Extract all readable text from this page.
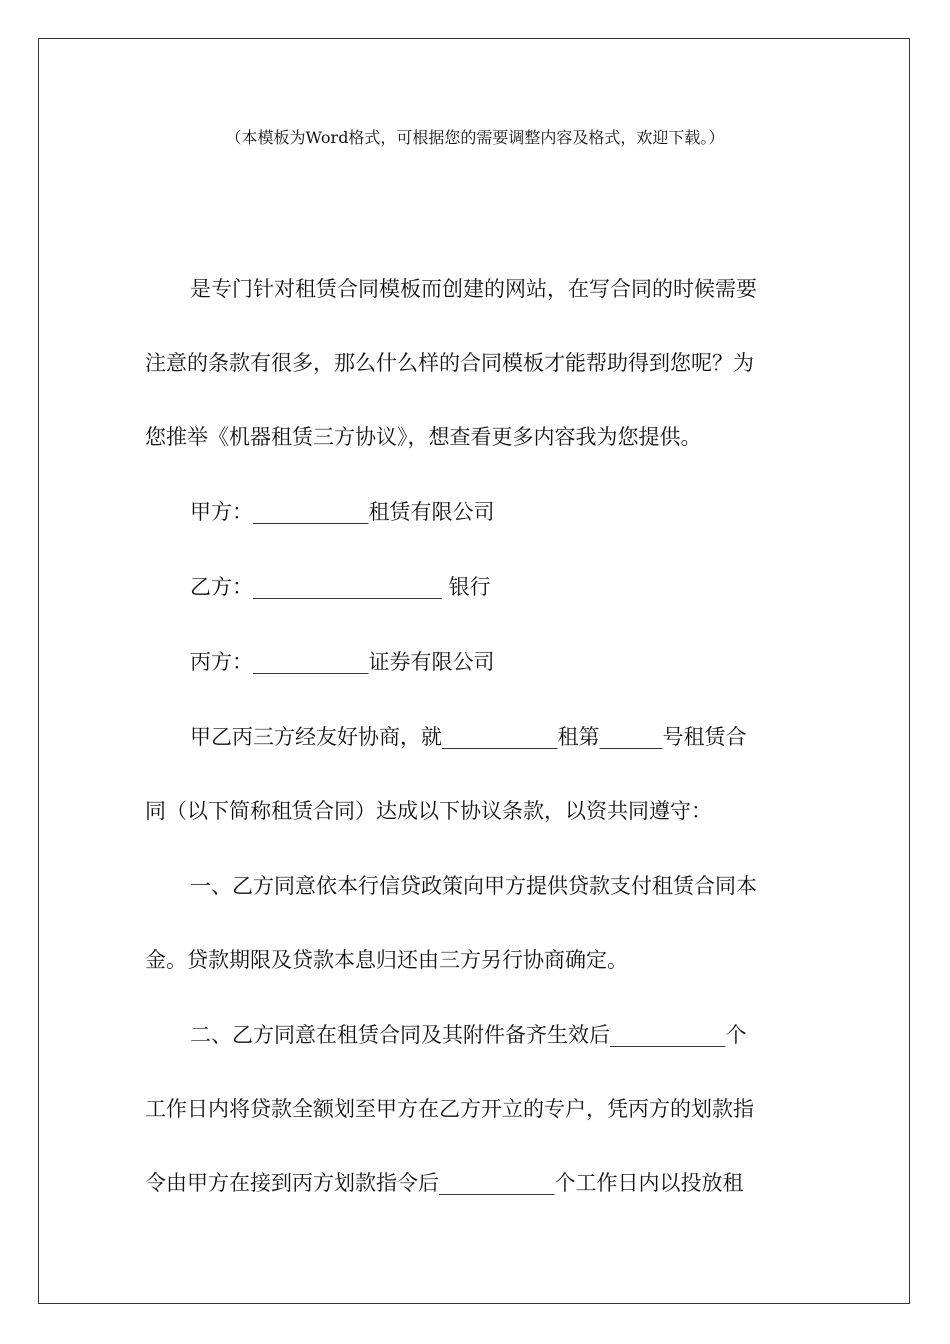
（本模板为Word格式，可根据您的需要调整内容及格式，欢迎下载。）
是专门针对租赁合同模板而创建的网站，在写合同的时候需要
注意的条款有很多，那么什么样的合同模板才能帮助得到您呢？为
您推举《机器租赁三方协议》，想查看更多内容我为您提供。
甲方：___________租赁有限公司
乙方：__________________ 银行
丙方：___________证券有限公司
甲乙丙三方经友好协商，就___________租第______号租赁合
同（以下简称租赁合同）达成以下协议条款，以资共同遵守：
一、乙方同意依本行信贷政策向甲方提供贷款支付租赁合同本
金。贷款期限及贷款本息归还由三方另行协商确定。
二、乙方同意在租赁合同及其附件备齐生效后___________个
工作日内将贷款全额划至甲方在乙方开立的专户，凭丙方的划款指
令由甲方在接到丙方划款指令后___________个工作日内以投放租
